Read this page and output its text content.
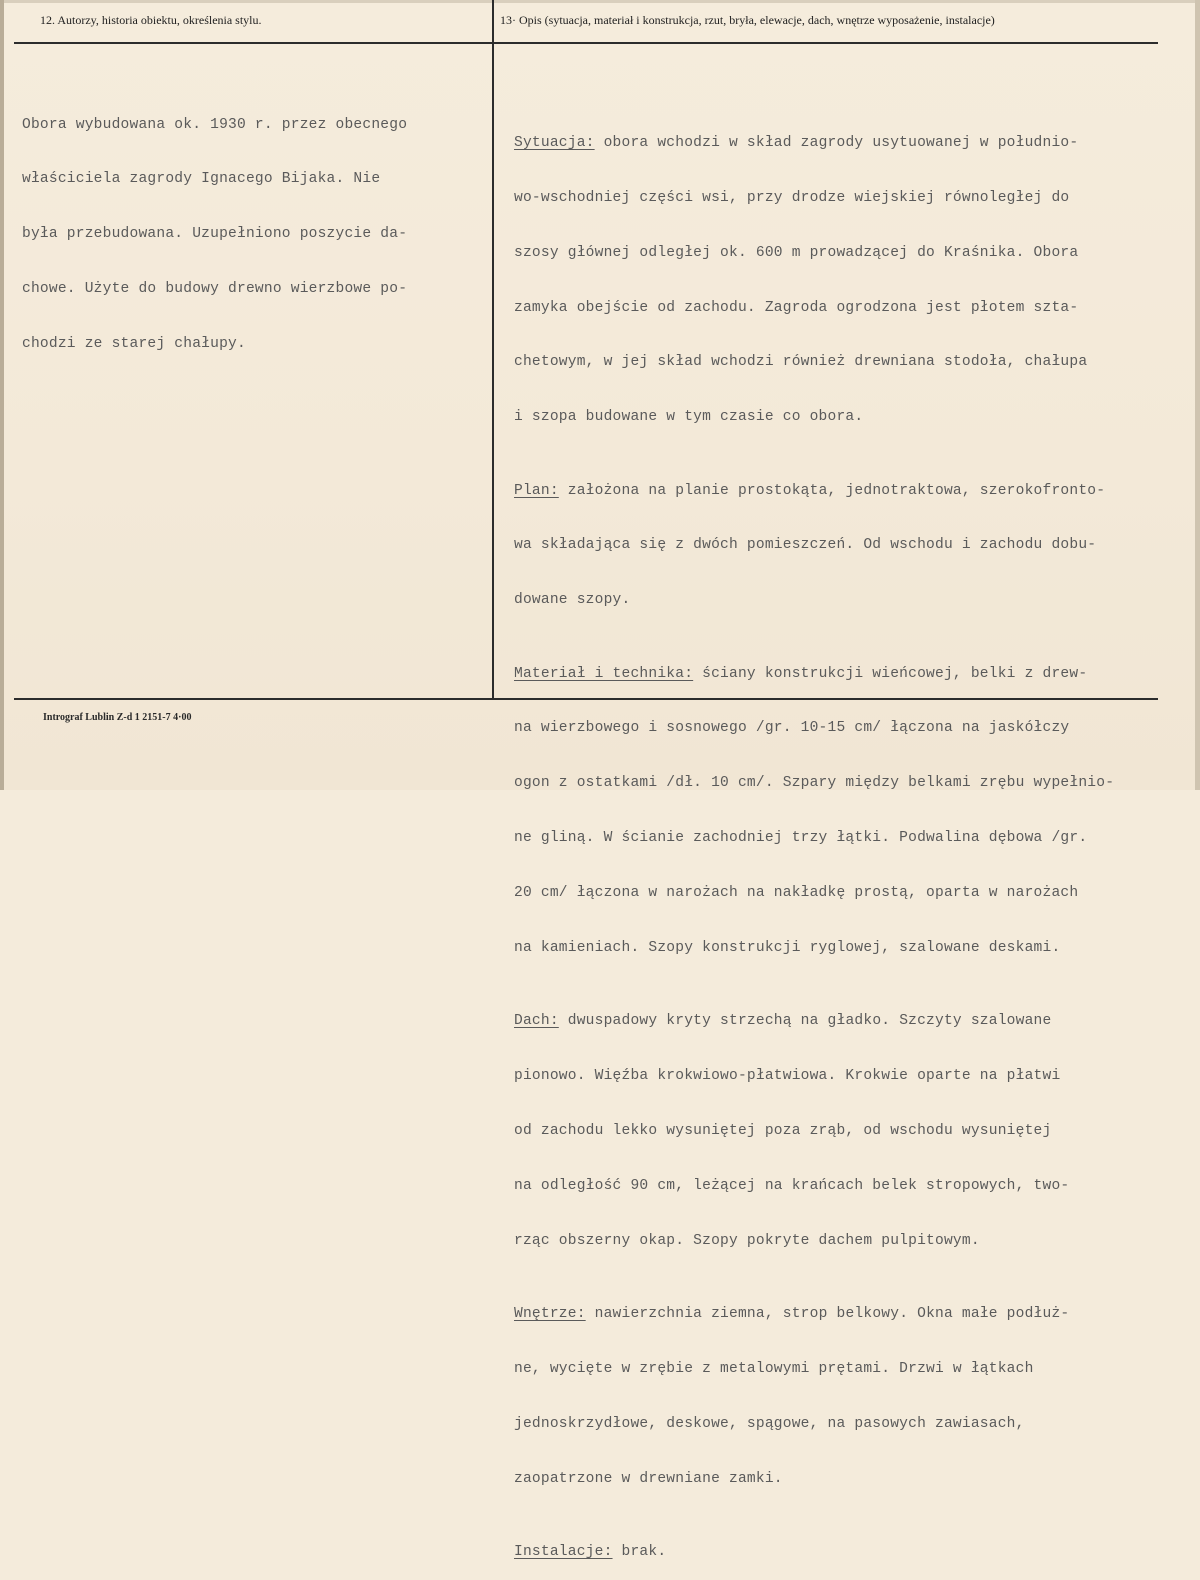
12. Autorzy, historia obiektu, określenia stylu.	13· Opis (sytuacja, materiał i konstrukcja, rzut, bryła, elewacje, dach, wnętrze wyposażenie, instalacje)

Obora wybudowana ok. 1930 r. przez obecnego

właściciela zagrody Ignacego Bijaka. Nie

była przebudowana. Uzupełniono poszycie da-

chowe. Użyte do budowy drewno wierzbowe po-

chodzi ze starej chałupy.

Sytuacja: obora wchodzi w skład zagrody usytuowanej w południo-

wo-wschodniej części wsi, przy drodze wiejskiej równoległej do

szosy głównej odległej ok. 600 m prowadzącej do Kraśnika. Obora

zamyka obejście od zachodu. Zagroda ogrodzona jest płotem szta-

chetowym, w jej skład wchodzi również drewniana stodoła, chałupa

i szopa budowane w tym czasie co obora.

Plan: założona na planie prostokąta, jednotraktowa, szerokofronto-

wa składająca się z dwóch pomieszczeń. Od wschodu i zachodu dobu-

dowane szopy.

Materiał i technika: ściany konstrukcji wieńcowej, belki z drew-

na wierzbowego i sosnowego /gr. 10-15 cm/ łączona na jaskółczy

ogon z ostatkami /dł. 10 cm/. Szpary między belkami zrębu wypełnio-

ne gliną. W ścianie zachodniej trzy łątki. Podwalina dębowa /gr.

20 cm/ łączona w narożach na nakładkę prostą, oparta w narożach

na kamieniach. Szopy konstrukcji ryglowej, szalowane deskami.

Dach: dwuspadowy kryty strzechą na gładko. Szczyty szalowane

pionowo. Więźba krokwiowo-płatwiowa. Krokwie oparte na płatwi

od zachodu lekko wysuniętej poza zrąb, od wschodu wysuniętej

na odległość 90 cm, leżącej na krańcach belek stropowych, two-

rząc obszerny okap. Szopy pokryte dachem pulpitowym.

Wnętrze: nawierzchnia ziemna, strop belkowy. Okna małe podłuż-

ne, wycięte w zrębie z metalowymi prętami. Drzwi w łątkach

jednoskrzydłowe, deskowe, spągowe, na pasowych zawiasach,

zaopatrzone w drewniane zamki.

Instalacje: brak.

Intrograf Lublin Z-d 1 2151-7 4·00
